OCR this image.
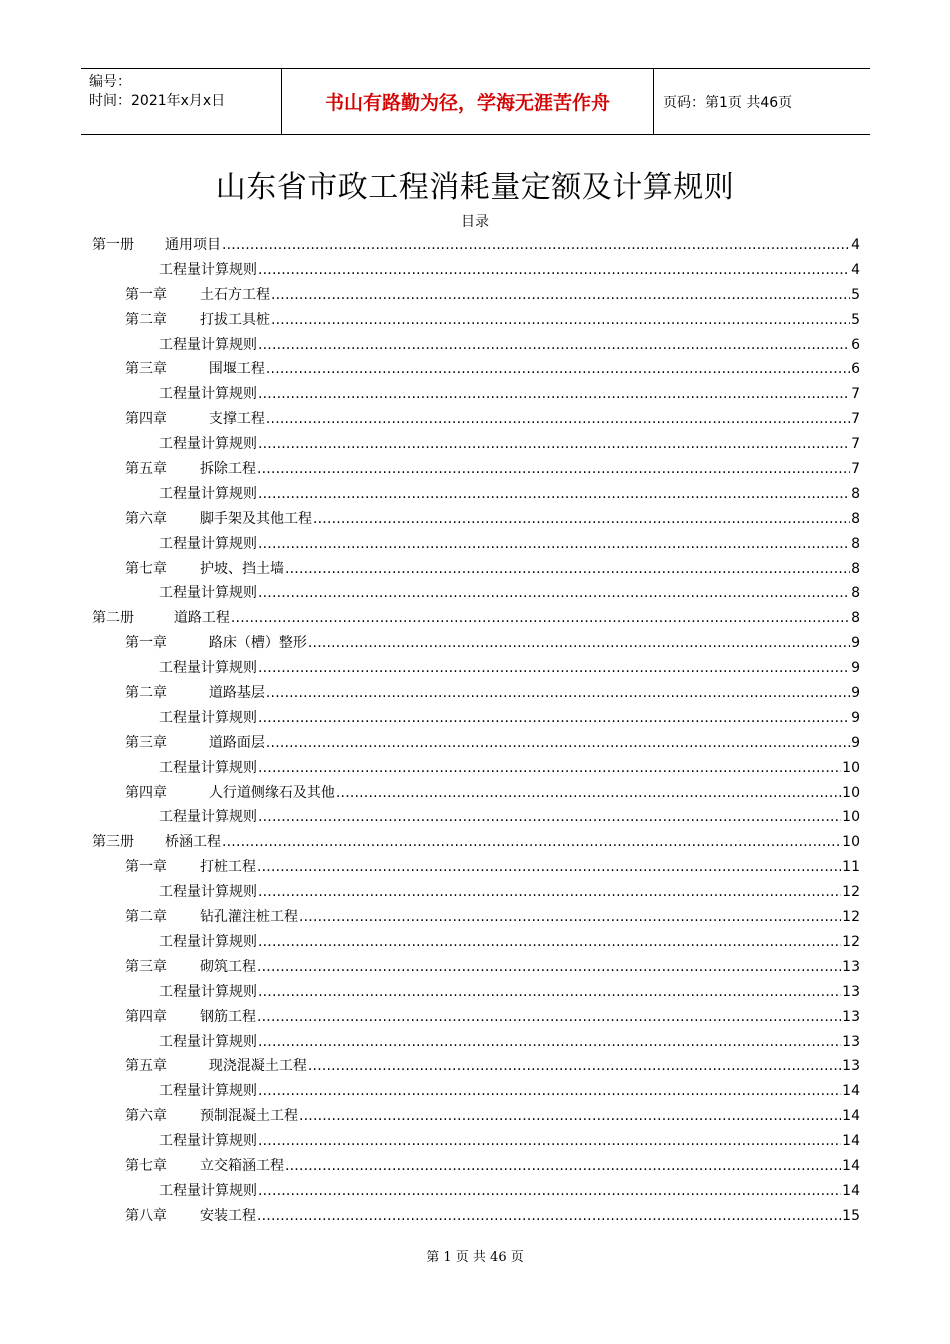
编号：
时间：2021年x月x日	书山有路勤为径，学海无涯苦作舟	页码：第1页 共46页
山东省市政工程消耗量定额及计算规则
目录
第一册	通用项目 .....	4
工程量计算规则 .....	4
第一章	土石方工程 .....	5
第二章	打拔工具桩 .....	5
工程量计算规则 .....	6
第三章	围堰工程 .....	6
工程量计算规则 .....	7
第四章	支撑工程 .....	7
工程量计算规则 .....	7
第五章	拆除工程 .....	7
工程量计算规则 .....	8
第六章	脚手架及其他工程 .....	8
工程量计算规则 .....	8
第七章	护坡、挡土墙 .....	8
工程量计算规则 .....	8
第二册	道路工程 .....	8
第一章	路床（槽）整形 .....	9
工程量计算规则 .....	9
第二章	道路基层 .....	9
工程量计算规则 .....	9
第三章	道路面层 .....	9
工程量计算规则 .....	10
第四章	人行道侧缘石及其他 .....	10
工程量计算规则 .....	10
第三册	桥涵工程 .....	10
第一章	打桩工程 .....	11
工程量计算规则 .....	12
第二章	钻孔灌注桩工程 .....	12
工程量计算规则 .....	12
第三章	砌筑工程 .....	13
工程量计算规则 .....	13
第四章	钢筋工程 .....	13
工程量计算规则 .....	13
第五章	现浇混凝土工程 .....	13
工程量计算规则 .....	14
第六章	预制混凝土工程 .....	14
工程量计算规则 .....	14
第七章	立交箱涵工程 .....	14
工程量计算规则 .....	14
第八章	安装工程 .....	15
第 1 页 共 46 页
